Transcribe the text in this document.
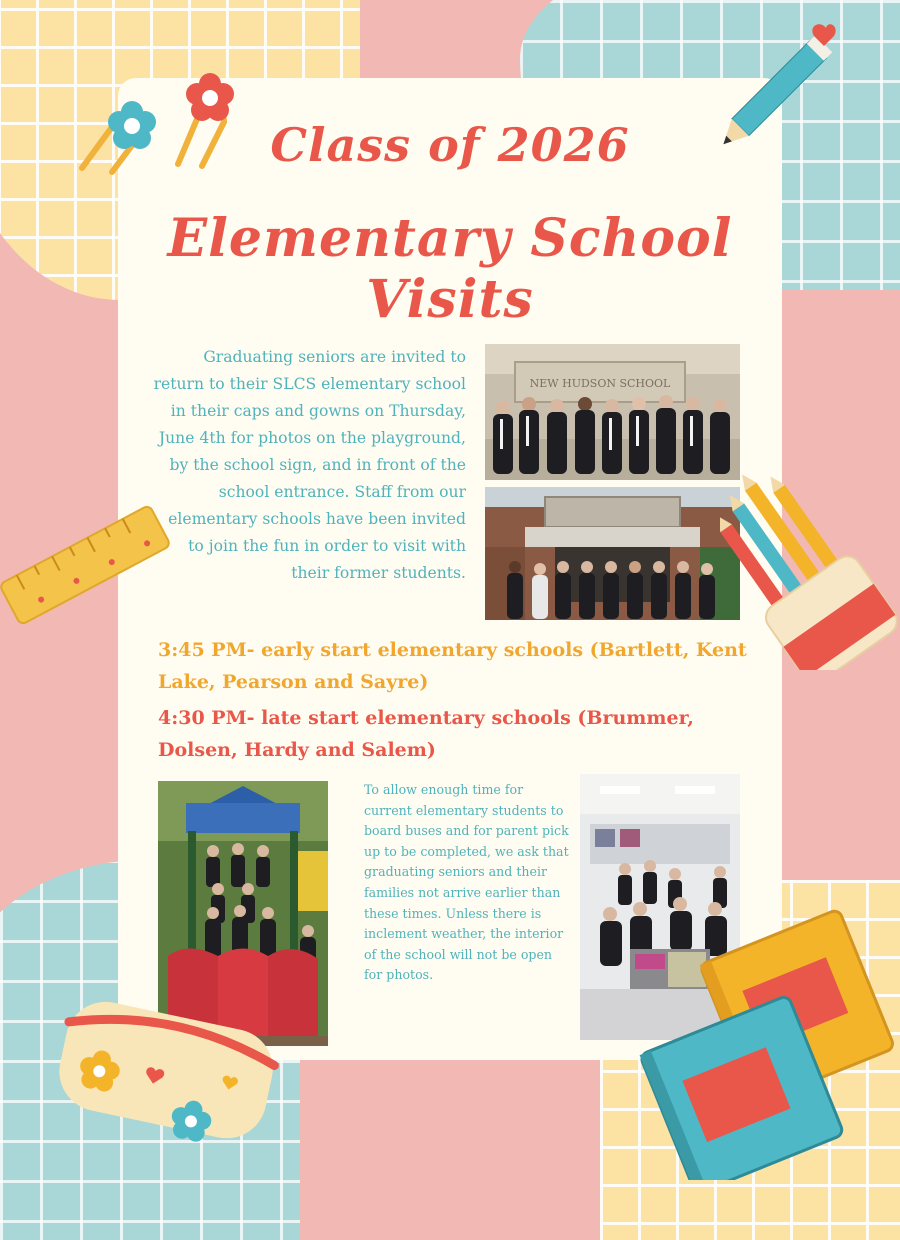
Class of 2026
Elementary School Visits

Graduating seniors are invited to return to their SLCS elementary school in their caps and gowns on Thursday, June 4th for photos on the playground, by the school sign, and in front of the school entrance. Staff from our elementary schools have been invited to join the fun in order to visit with their former students.

NEW HUDSON SCHOOL

3:45 PM- early start elementary schools (Bartlett, Kent Lake, Pearson and Sayre)

4:30 PM- late start elementary schools (Brummer, Dolsen, Hardy and Salem)

To allow enough time for current elementary students to board buses and for parent pick up to be completed, we ask that graduating seniors and their families not arrive earlier than these times. Unless there is inclement weather, the interior of the school will not be open for photos.
